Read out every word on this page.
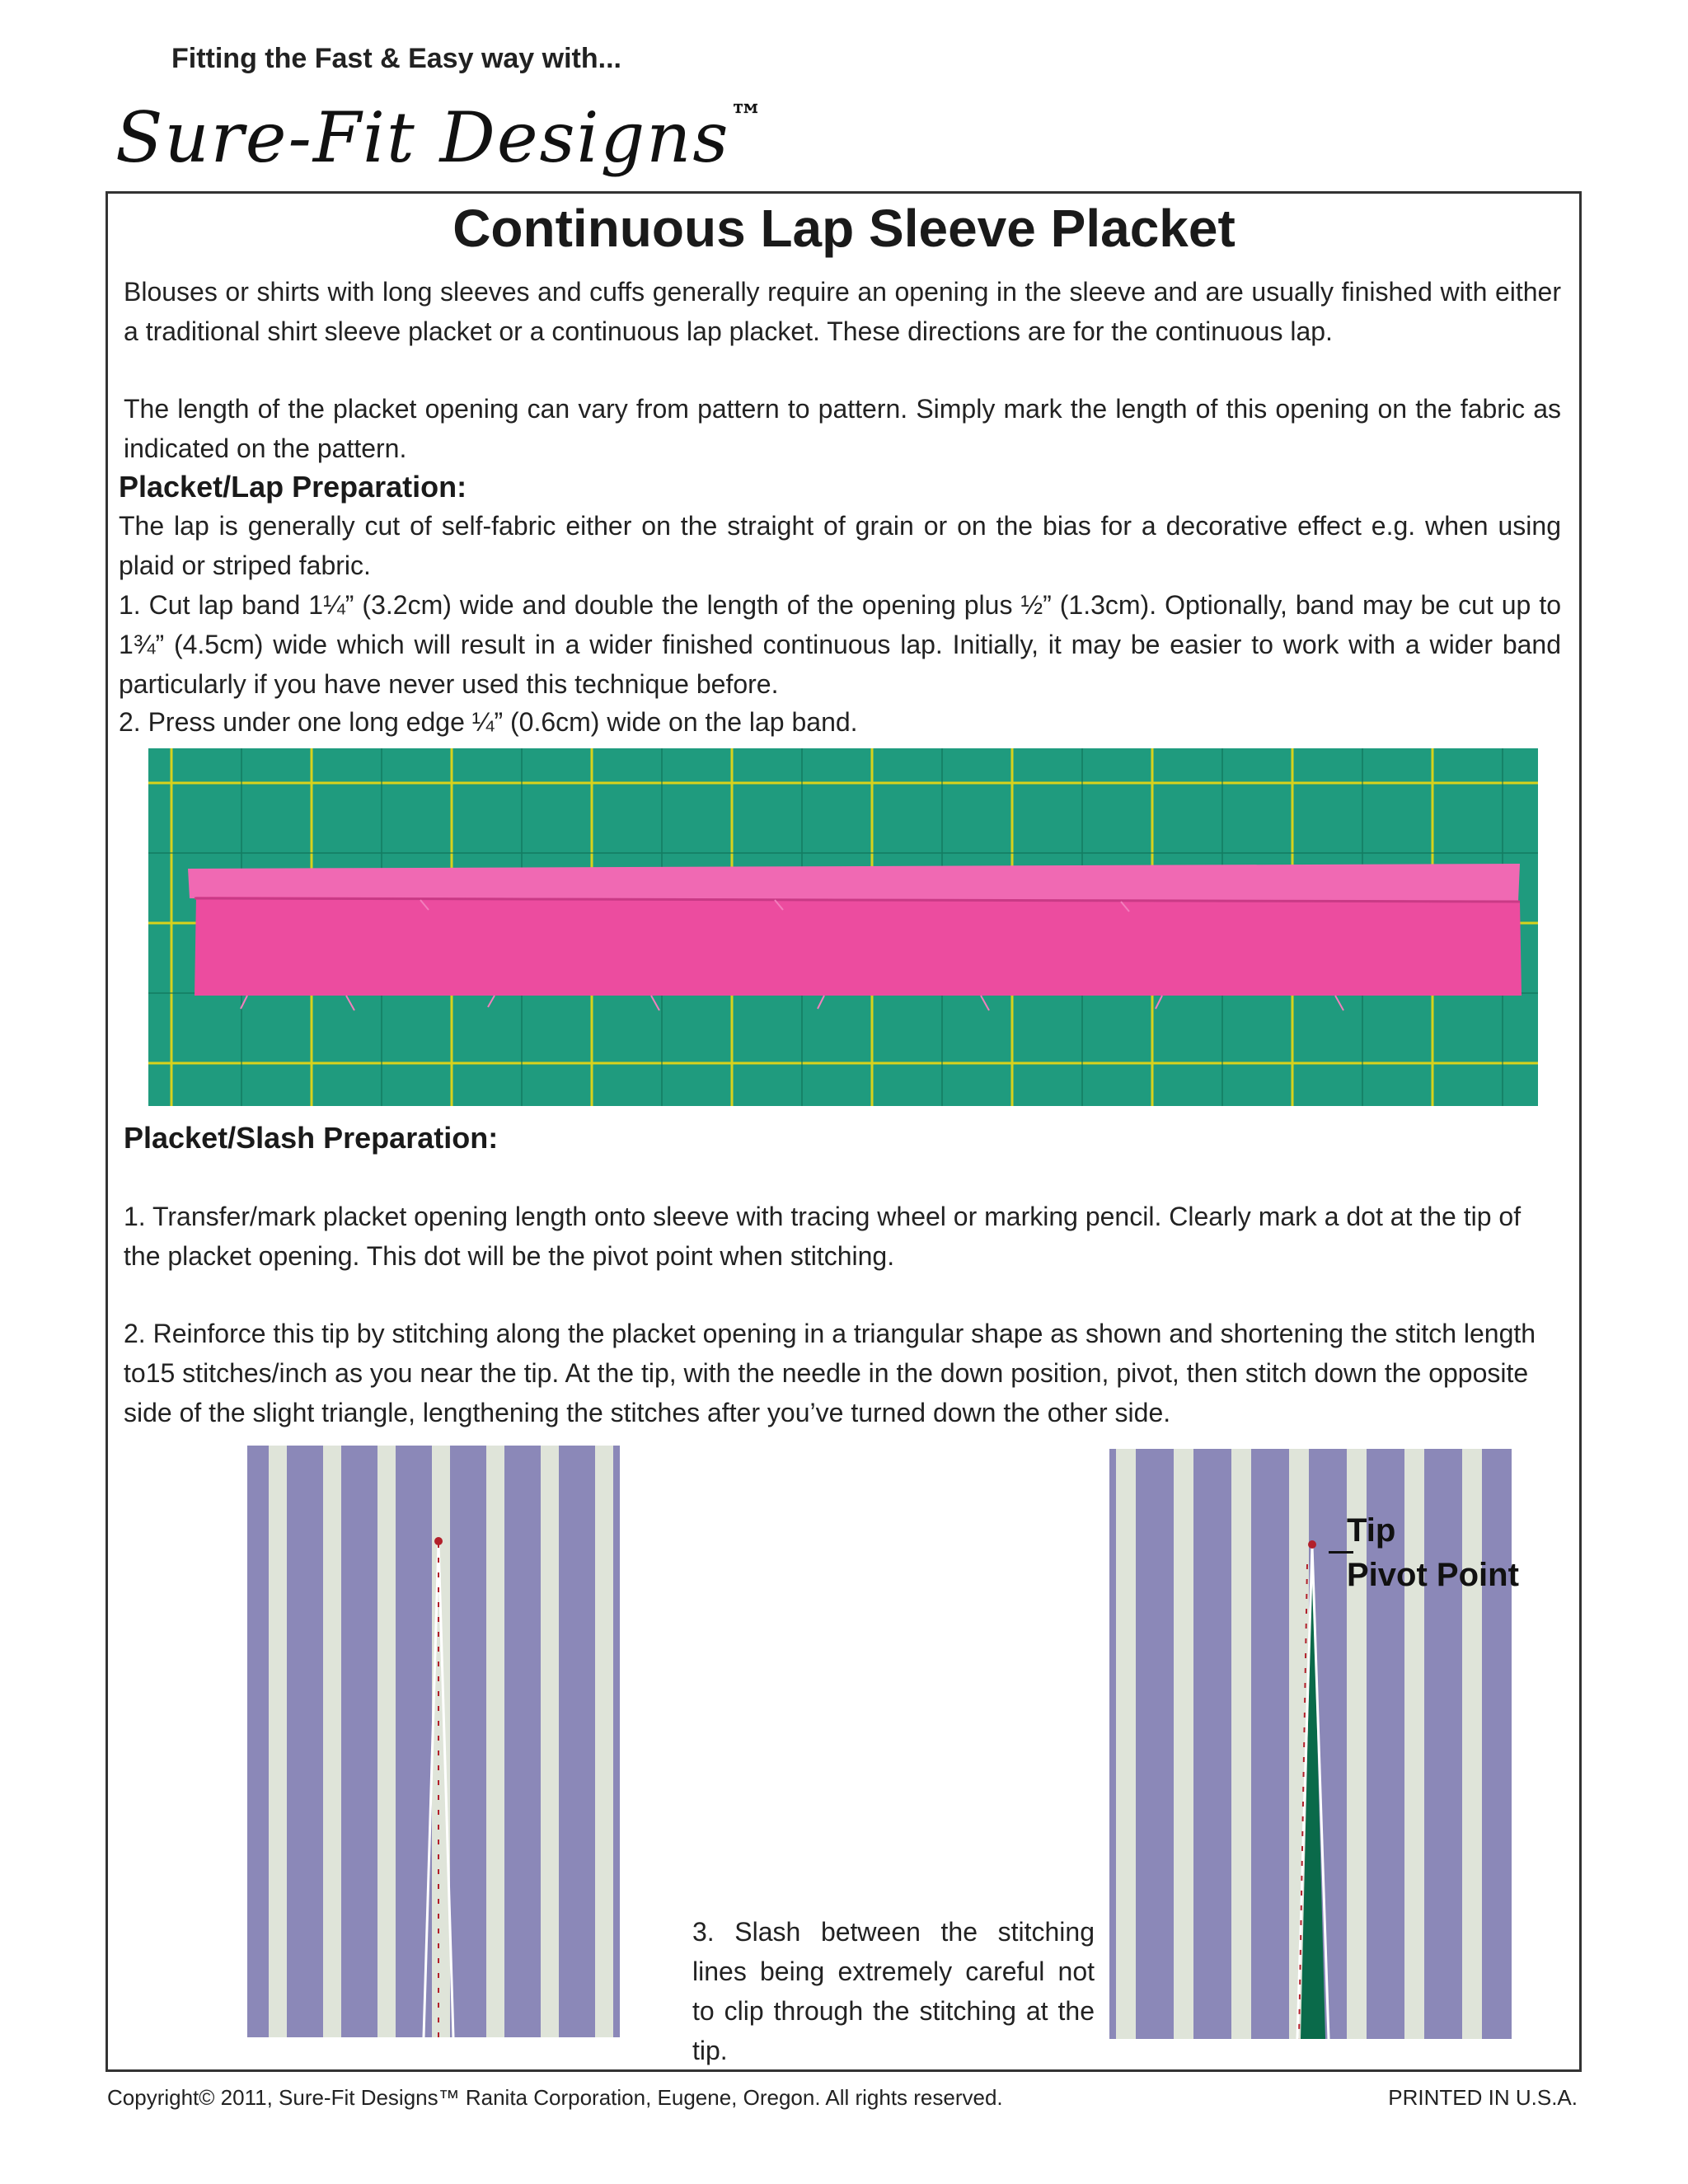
Fitting the Fast & Easy way with...
Sure-Fit Designs™
Continuous Lap Sleeve Placket

Blouses or shirts with long sleeves and cuffs generally require an opening in the sleeve and are usually finished with either a traditional shirt sleeve placket or a continuous lap placket. These directions are for the continuous lap.

The length of the placket opening can vary from pattern to pattern. Simply mark the length of this opening on the fabric as indicated on the pattern.

Placket/Lap Preparation:

The lap is generally cut of self-fabric either on the straight of grain or on the bias for a decorative effect e.g. when using plaid or striped fabric.

1. Cut lap band 1¼” (3.2cm) wide and double the length of the opening plus ½” (1.3cm). Optionally, band may be cut up to 1¾” (4.5cm) wide which will result in a wider finished continuous lap. Initially, it may be easier to work with a wider band particularly if you have never used this technique before.

2. Press under one long edge ¼” (0.6cm) wide on the lap band.

Placket/Slash Preparation:

1. Transfer/mark placket opening length onto sleeve with tracing wheel or marking pencil. Clearly mark a dot at the tip of the placket opening. This dot will be the pivot point when stitching.

2. Reinforce this tip by stitching along the placket opening in a triangular shape as shown and shortening the stitch length to15 stitches/inch as you near the tip. At the tip, with the needle in the down position, pivot, then stitch down the opposite side of the slight triangle, lengthening the stitches after you’ve turned down the other side.

3. Slash between the stitching lines being extremely careful not to clip through the stitching at the tip.
Tip
Pivot Point
Copyright© 2011, Sure-Fit Designs™ Ranita Corporation, Eugene, Oregon. All rights reserved.	PRINTED IN U.S.A.
